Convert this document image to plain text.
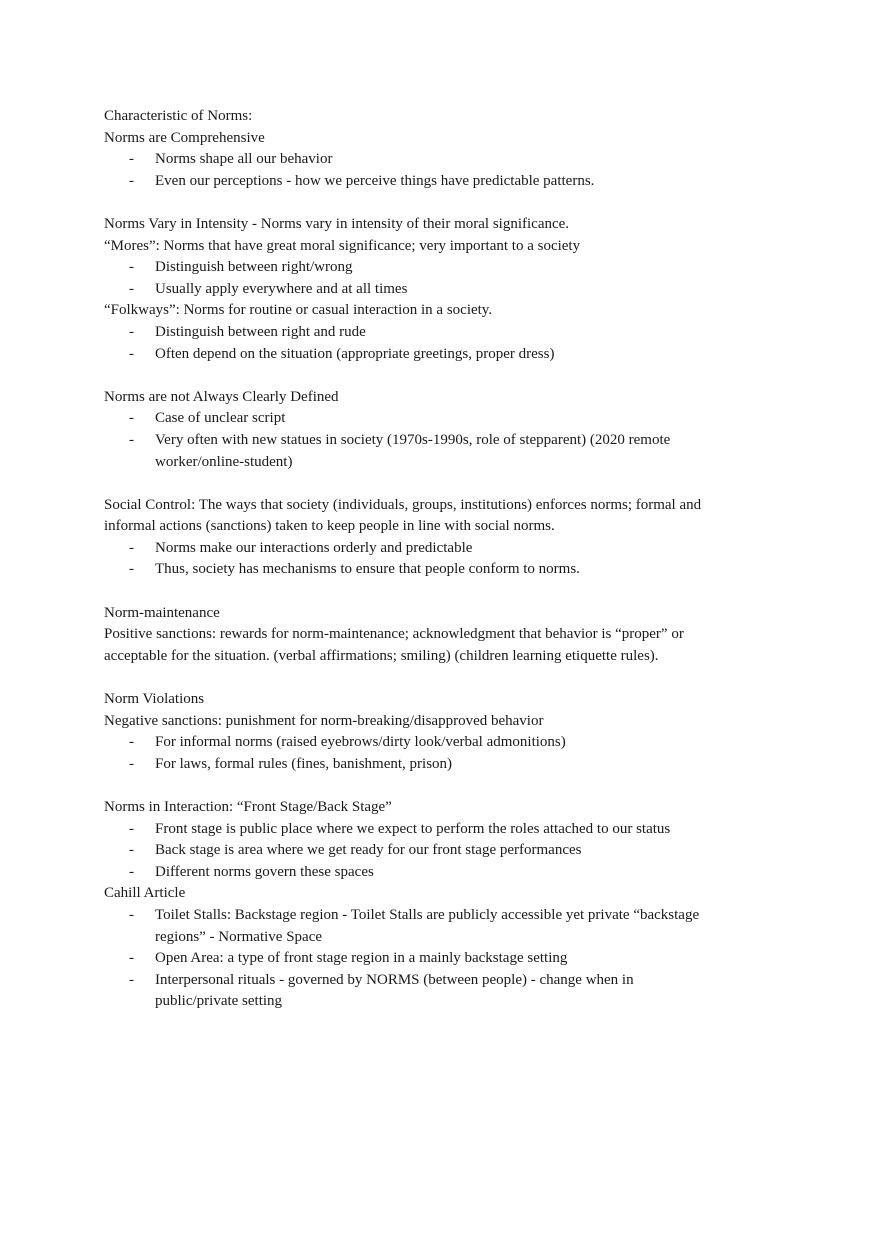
Characteristic of Norms:

Norms are Comprehensive

- Norms shape all our behavior
- Even our perceptions - how we perceive things have predictable patterns.

Norms Vary in Intensity - Norms vary in intensity of their moral significance.

“Mores”: Norms that have great moral significance; very important to a society

- Distinguish between right/wrong
- Usually apply everywhere and at all times

“Folkways”: Norms for routine or casual interaction in a society.

- Distinguish between right and rude
- Often depend on the situation (appropriate greetings, proper dress)

Norms are not Always Clearly Defined

- Case of unclear script
- Very often with new statues in society (1970s-1990s, role of stepparent) (2020 remote worker/online-student)

Social Control: The ways that society (individuals, groups, institutions) enforces norms; formal and informal actions (sanctions) taken to keep people in line with social norms.

- Norms make our interactions orderly and predictable
- Thus, society has mechanisms to ensure that people conform to norms.

Norm-maintenance

Positive sanctions: rewards for norm-maintenance; acknowledgment that behavior is “proper” or acceptable for the situation. (verbal affirmations; smiling) (children learning etiquette rules).

Norm Violations

Negative sanctions: punishment for norm-breaking/disapproved behavior

- For informal norms (raised eyebrows/dirty look/verbal admonitions)
- For laws, formal rules (fines, banishment, prison)

Norms in Interaction: “Front Stage/Back Stage”

- Front stage is public place where we expect to perform the roles attached to our status
- Back stage is area where we get ready for our front stage performances
- Different norms govern these spaces

Cahill Article

- Toilet Stalls: Backstage region - Toilet Stalls are publicly accessible yet private “backstage regions” - Normative Space
- Open Area: a type of front stage region in a mainly backstage setting
- Interpersonal rituals - governed by NORMS (between people) - change when in public/private setting
